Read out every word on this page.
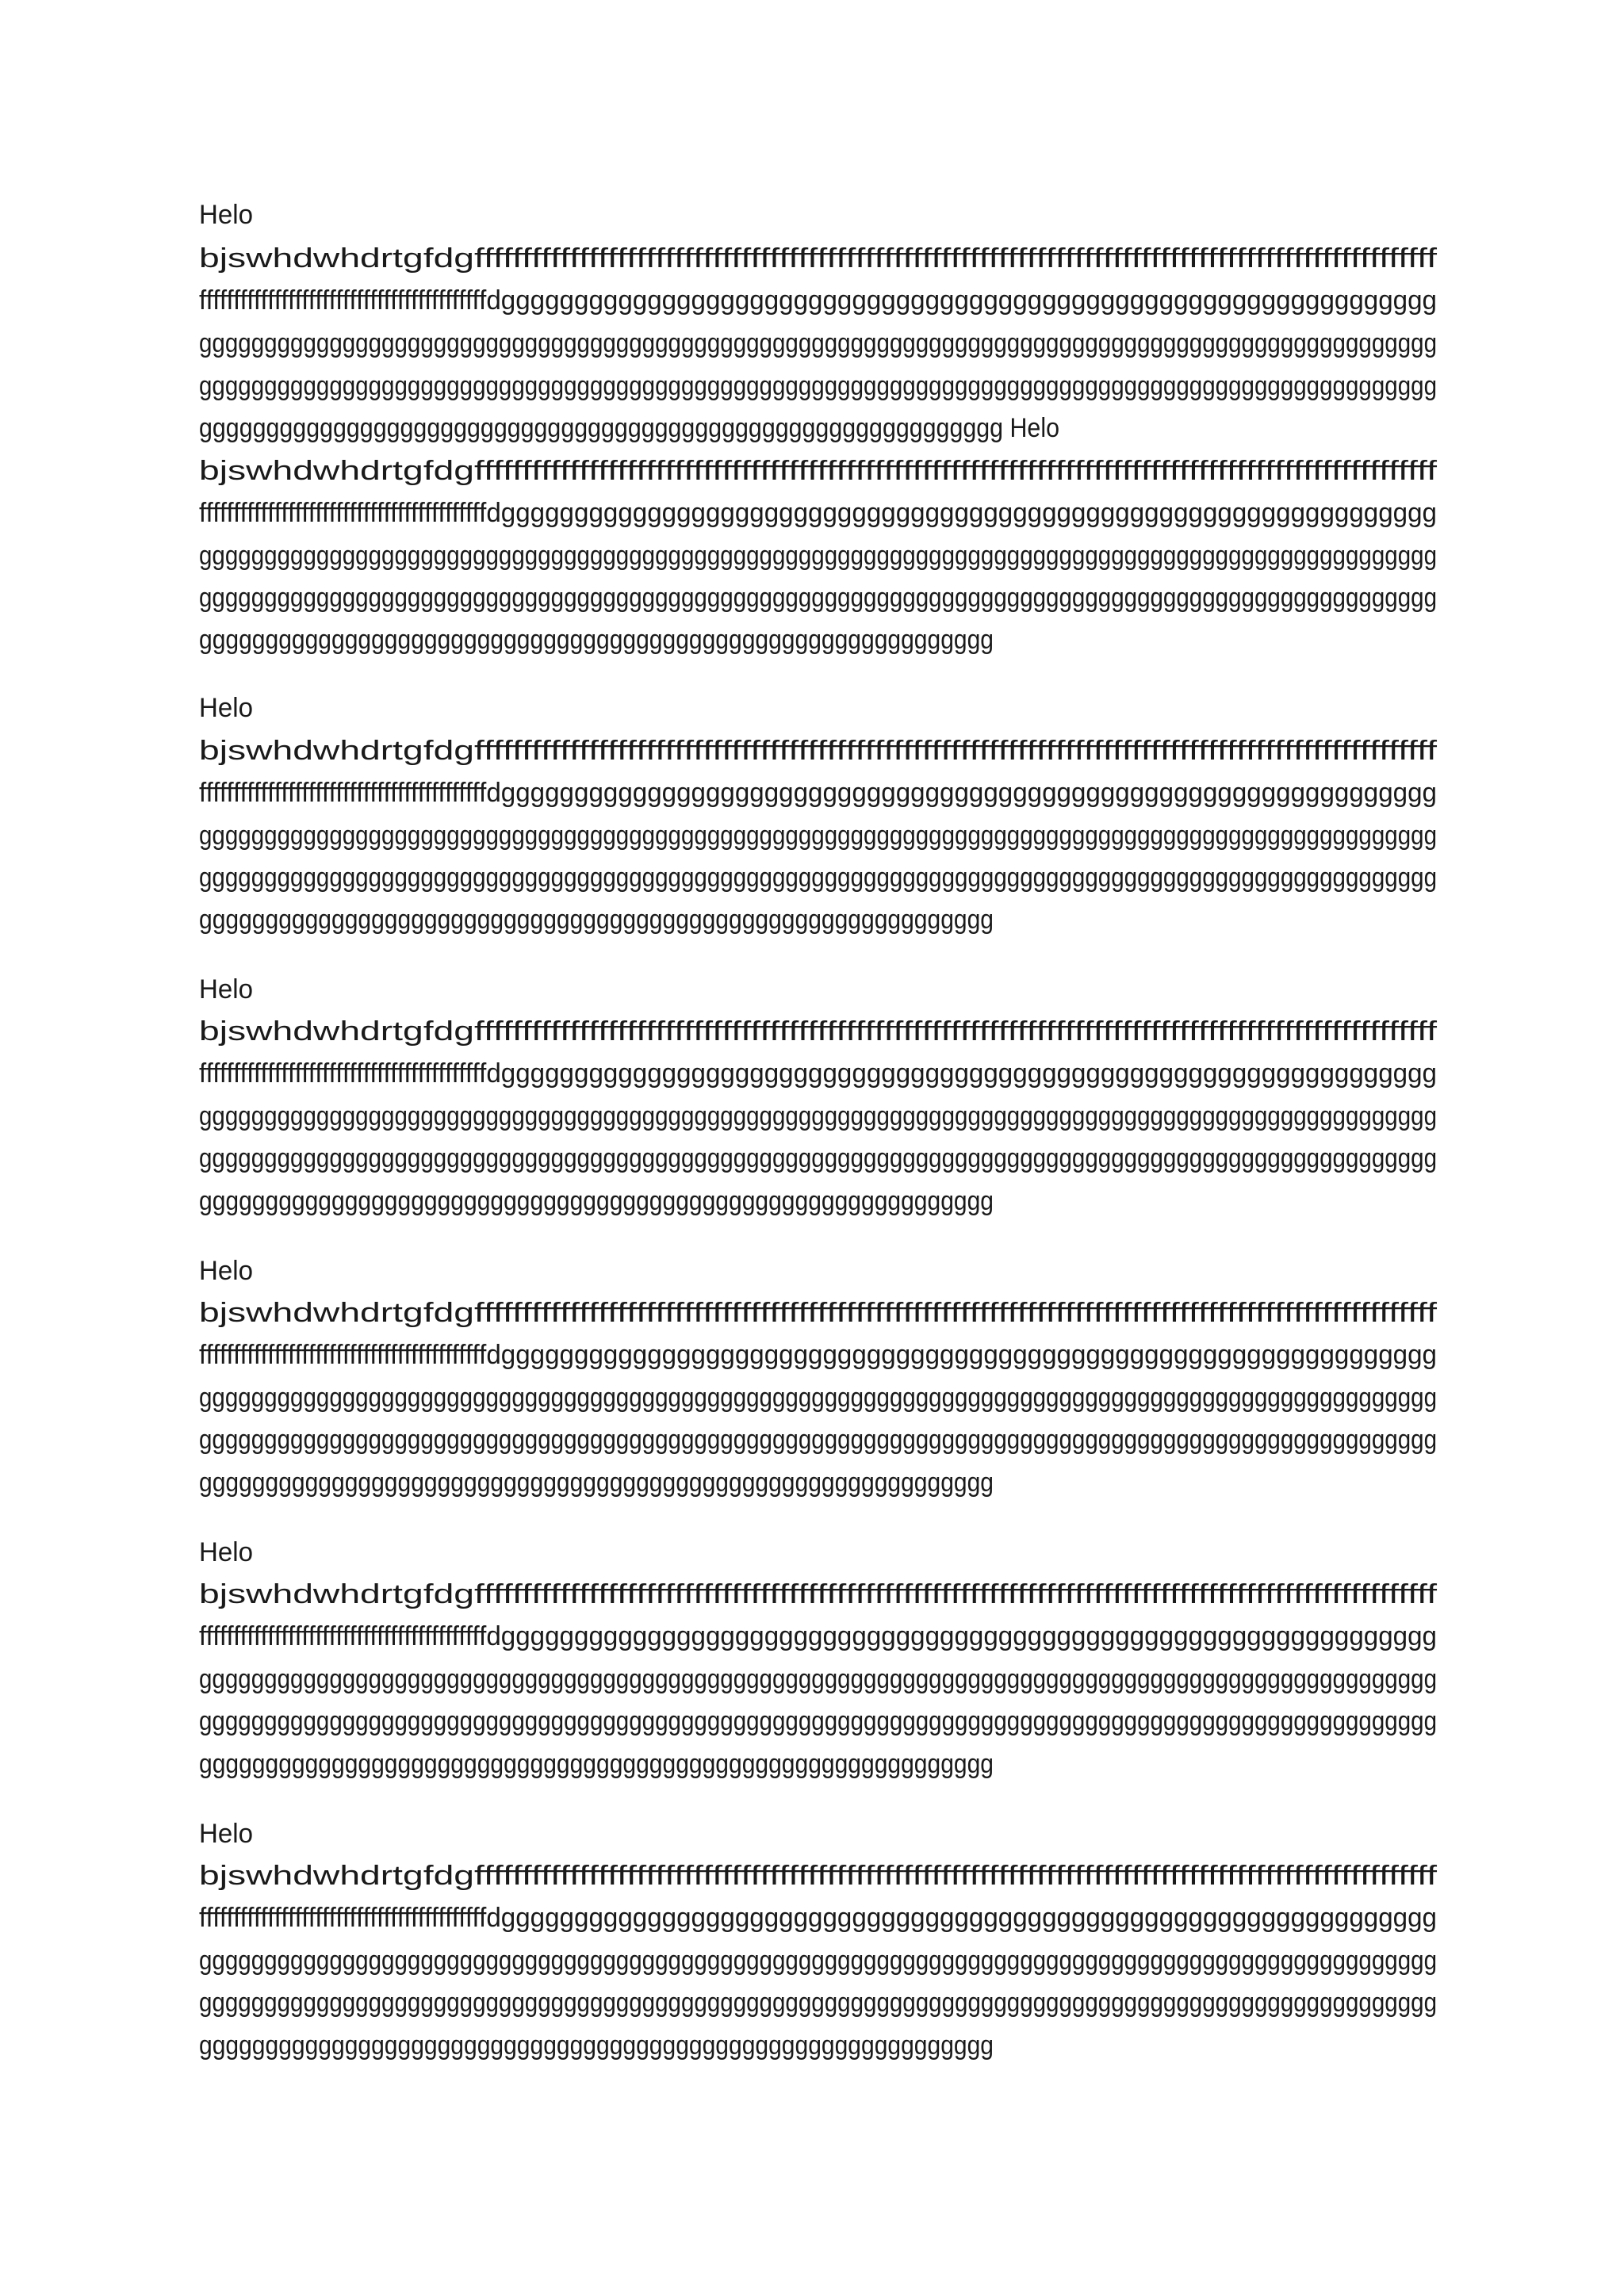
Helo
bjswhdwhdrtgfdgfffffffffffffffffffffffffffffffffffffffffffffffffffffffffffffffffffffffffffffffffffffffffffffffffffff
ffffffffffffffffffffffffffffffffffffffffffdgggggggggggggggggggggggggggggggggggggggggggggggggggggggggggggggg
ggggggggggggggggggggggggggggggggggggggggggggggggggggggggggggggggggggggggggggggggggggggggggggggg
ggggggggggggggggggggggggggggggggggggggggggggggggggggggggggggggggggggggggggggggggggggggggggggggg
gggggggggggggggggggggggggggggggggggggggggggggggggggggggggggg Helo
bjswhdwhdrtgfdgfffffffffffffffffffffffffffffffffffffffffffffffffffffffffffffffffffffffffffffffffffffffffffffffffffff
ffffffffffffffffffffffffffffffffffffffffffdgggggggggggggggggggggggggggggggggggggggggggggggggggggggggggggggg
ggggggggggggggggggggggggggggggggggggggggggggggggggggggggggggggggggggggggggggggggggggggggggggggg
ggggggggggggggggggggggggggggggggggggggggggggggggggggggggggggggggggggggggggggggggggggggggggggggg
gggggggggggggggggggggggggggggggggggggggggggggggggggggggggggg
Helo
bjswhdwhdrtgfdgfffffffffffffffffffffffffffffffffffffffffffffffffffffffffffffffffffffffffffffffffffffffffffffffffffff
ffffffffffffffffffffffffffffffffffffffffffdgggggggggggggggggggggggggggggggggggggggggggggggggggggggggggggggg
ggggggggggggggggggggggggggggggggggggggggggggggggggggggggggggggggggggggggggggggggggggggggggggggg
ggggggggggggggggggggggggggggggggggggggggggggggggggggggggggggggggggggggggggggggggggggggggggggggg
gggggggggggggggggggggggggggggggggggggggggggggggggggggggggggg
Helo
bjswhdwhdrtgfdgfffffffffffffffffffffffffffffffffffffffffffffffffffffffffffffffffffffffffffffffffffffffffffffffffffff
ffffffffffffffffffffffffffffffffffffffffffdgggggggggggggggggggggggggggggggggggggggggggggggggggggggggggggggg
ggggggggggggggggggggggggggggggggggggggggggggggggggggggggggggggggggggggggggggggggggggggggggggggg
ggggggggggggggggggggggggggggggggggggggggggggggggggggggggggggggggggggggggggggggggggggggggggggggg
gggggggggggggggggggggggggggggggggggggggggggggggggggggggggggg
Helo
bjswhdwhdrtgfdgfffffffffffffffffffffffffffffffffffffffffffffffffffffffffffffffffffffffffffffffffffffffffffffffffffff
ffffffffffffffffffffffffffffffffffffffffffdgggggggggggggggggggggggggggggggggggggggggggggggggggggggggggggggg
ggggggggggggggggggggggggggggggggggggggggggggggggggggggggggggggggggggggggggggggggggggggggggggggg
ggggggggggggggggggggggggggggggggggggggggggggggggggggggggggggggggggggggggggggggggggggggggggggggg
gggggggggggggggggggggggggggggggggggggggggggggggggggggggggggg
Helo
bjswhdwhdrtgfdgfffffffffffffffffffffffffffffffffffffffffffffffffffffffffffffffffffffffffffffffffffffffffffffffffffff
ffffffffffffffffffffffffffffffffffffffffffdgggggggggggggggggggggggggggggggggggggggggggggggggggggggggggggggg
ggggggggggggggggggggggggggggggggggggggggggggggggggggggggggggggggggggggggggggggggggggggggggggggg
ggggggggggggggggggggggggggggggggggggggggggggggggggggggggggggggggggggggggggggggggggggggggggggggg
gggggggggggggggggggggggggggggggggggggggggggggggggggggggggggg
Helo
bjswhdwhdrtgfdgfffffffffffffffffffffffffffffffffffffffffffffffffffffffffffffffffffffffffffffffffffffffffffffffffffff
ffffffffffffffffffffffffffffffffffffffffffdgggggggggggggggggggggggggggggggggggggggggggggggggggggggggggggggg
ggggggggggggggggggggggggggggggggggggggggggggggggggggggggggggggggggggggggggggggggggggggggggggggg
ggggggggggggggggggggggggggggggggggggggggggggggggggggggggggggggggggggggggggggggggggggggggggggggg
gggggggggggggggggggggggggggggggggggggggggggggggggggggggggggg
